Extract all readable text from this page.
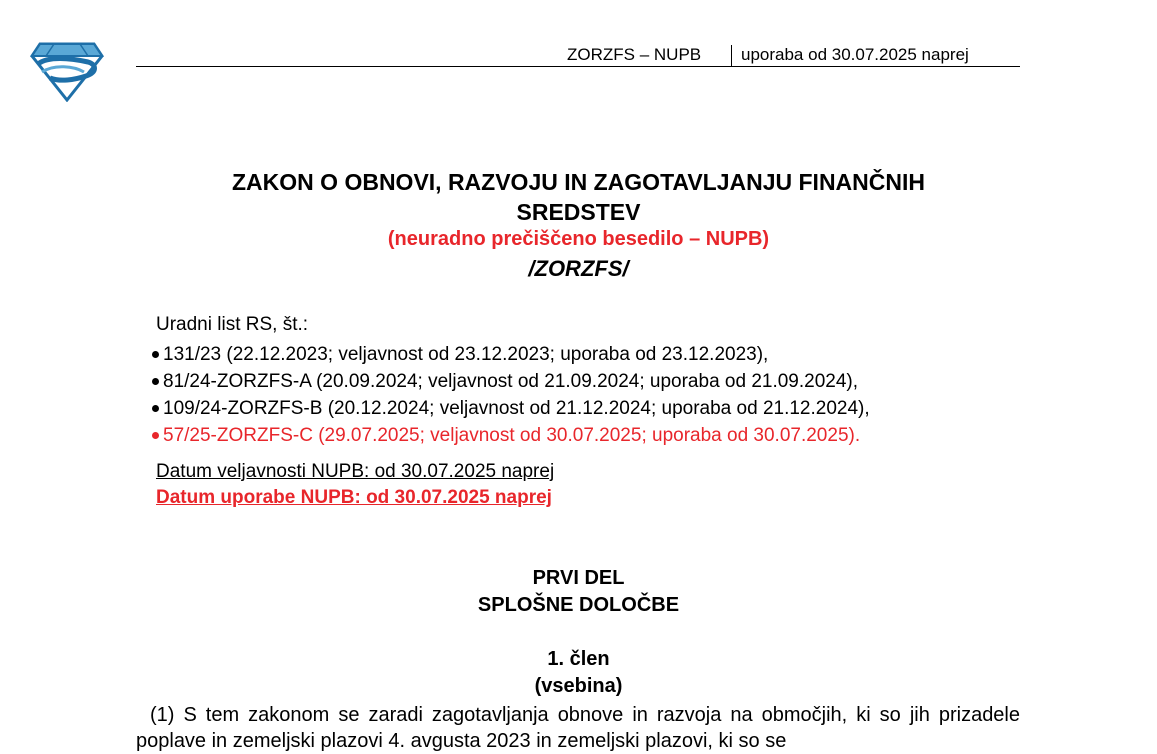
ZORZFS – NUPB uporaba od 30.07.2025 naprej
ZAKON O OBNOVI, RAZVOJU IN ZAGOTAVLJANJU FINANČNIH
SREDSTEV
(neuradno prečiščeno besedilo – NUPB)
/ZORZFS/
Uradni list RS, št.:
131/23 (22.12.2023; veljavnost od 23.12.2023; uporaba od 23.12.2023),
81/24-ZORZFS-A (20.09.2024; veljavnost od 21.09.2024; uporaba od 21.09.2024),
109/24-ZORZFS-B (20.12.2024; veljavnost od 21.12.2024; uporaba od 21.12.2024),
57/25-ZORZFS-C (29.07.2025; veljavnost od 30.07.2025; uporaba od 30.07.2025).
Datum veljavnosti NUPB: od 30.07.2025 naprej
Datum uporabe NUPB: od 30.07.2025 naprej
PRVI DEL
SPLOŠNE DOLOČBE
1. člen
(vsebina)

(1) S tem zakonom se zaradi zagotavljanja obnove in razvoja na območjih, ki so jih prizadele poplave in zemeljski plazovi 4. avgusta 2023 in zemeljski plazovi, ki so se
